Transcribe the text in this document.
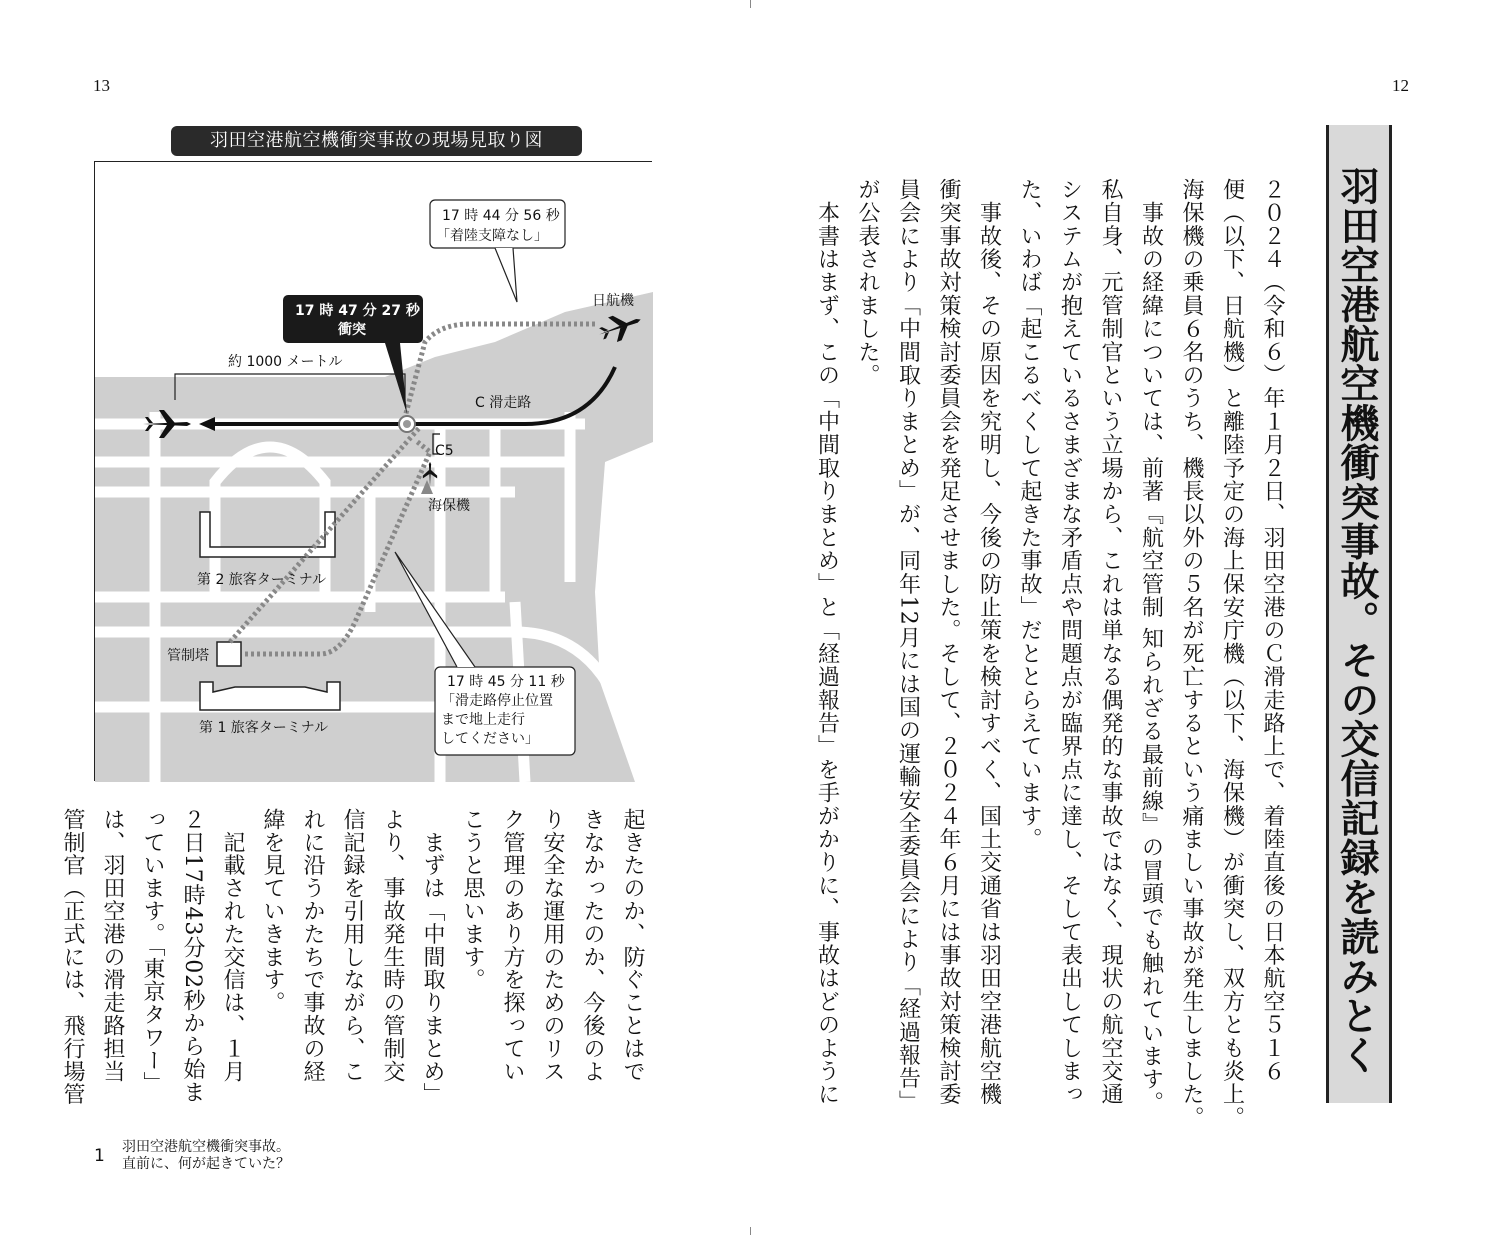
13	12
羽田空港航空機衝突事故。その交信記録を読みとく
２０２４（令和６）年１月２日、羽田空港のＣ滑走路上で、着陸直後の日本航空５１６
便（以下、日航機）と離陸予定の海上保安庁機（以下、海保機）が衝突し、双方とも炎上。
海保機の乗員６名のうち、機長以外の５名が死亡するという痛ましい事故が発生しました。
　事故の経緯については、前著『航空管制 知られざる最前線』の冒頭でも触れています。
私自身、元管制官という立場から、これは単なる偶発的な事故ではなく、現状の航空交通
システムが抱えているさまざまな矛盾点や問題点が臨界点に達し、そして表出してしまっ
た、いわば「起こるべくして起きた事故」だととらえています。
　事故後、その原因を究明し、今後の防止策を検討すべく、国土交通省は羽田空港航空機
衝突事故対策検討委員会を発足させました。そして、２０２４年６月には事故対策検討委
員会により「中間取りまとめ」が、同年12月には国の運輸安全委員会により「経過報告」
が公表されました。
　本書はまず、この「中間取りまとめ」と「経過報告」を手がかりに、事故はどのように
羽田空港航空機衝突事故の現場見取り図
17 時 44 分 56 秒
「着陸支障なし」
17 時 47 分 27 秒
衝突
17 時 45 分 11 秒
「滑走路停止位置
まで地上走行
してください」
日航機
約 1000 メートル
C 滑走路
C5
海保機
第 2 旅客ターミナル
管制塔
第 1 旅客ターミナル
起きたのか、防ぐことはで
きなかったのか、今後のよ
り安全な運用のためのリス
ク管理のあり方を探ってい
こうと思います。
　まずは「中間取りまとめ」
より、事故発生時の管制交
信記録を引用しながら、こ
れに沿うかたちで事故の経
緯を見ていきます。
　記載された交信は、１月
２日17時43分02秒から始ま
っています。「東京タワー」
は、羽田空港の滑走路担当
管制官（正式には、飛行場管
1 羽田空港航空機衝突事故。
直前に、何が起きていた？
